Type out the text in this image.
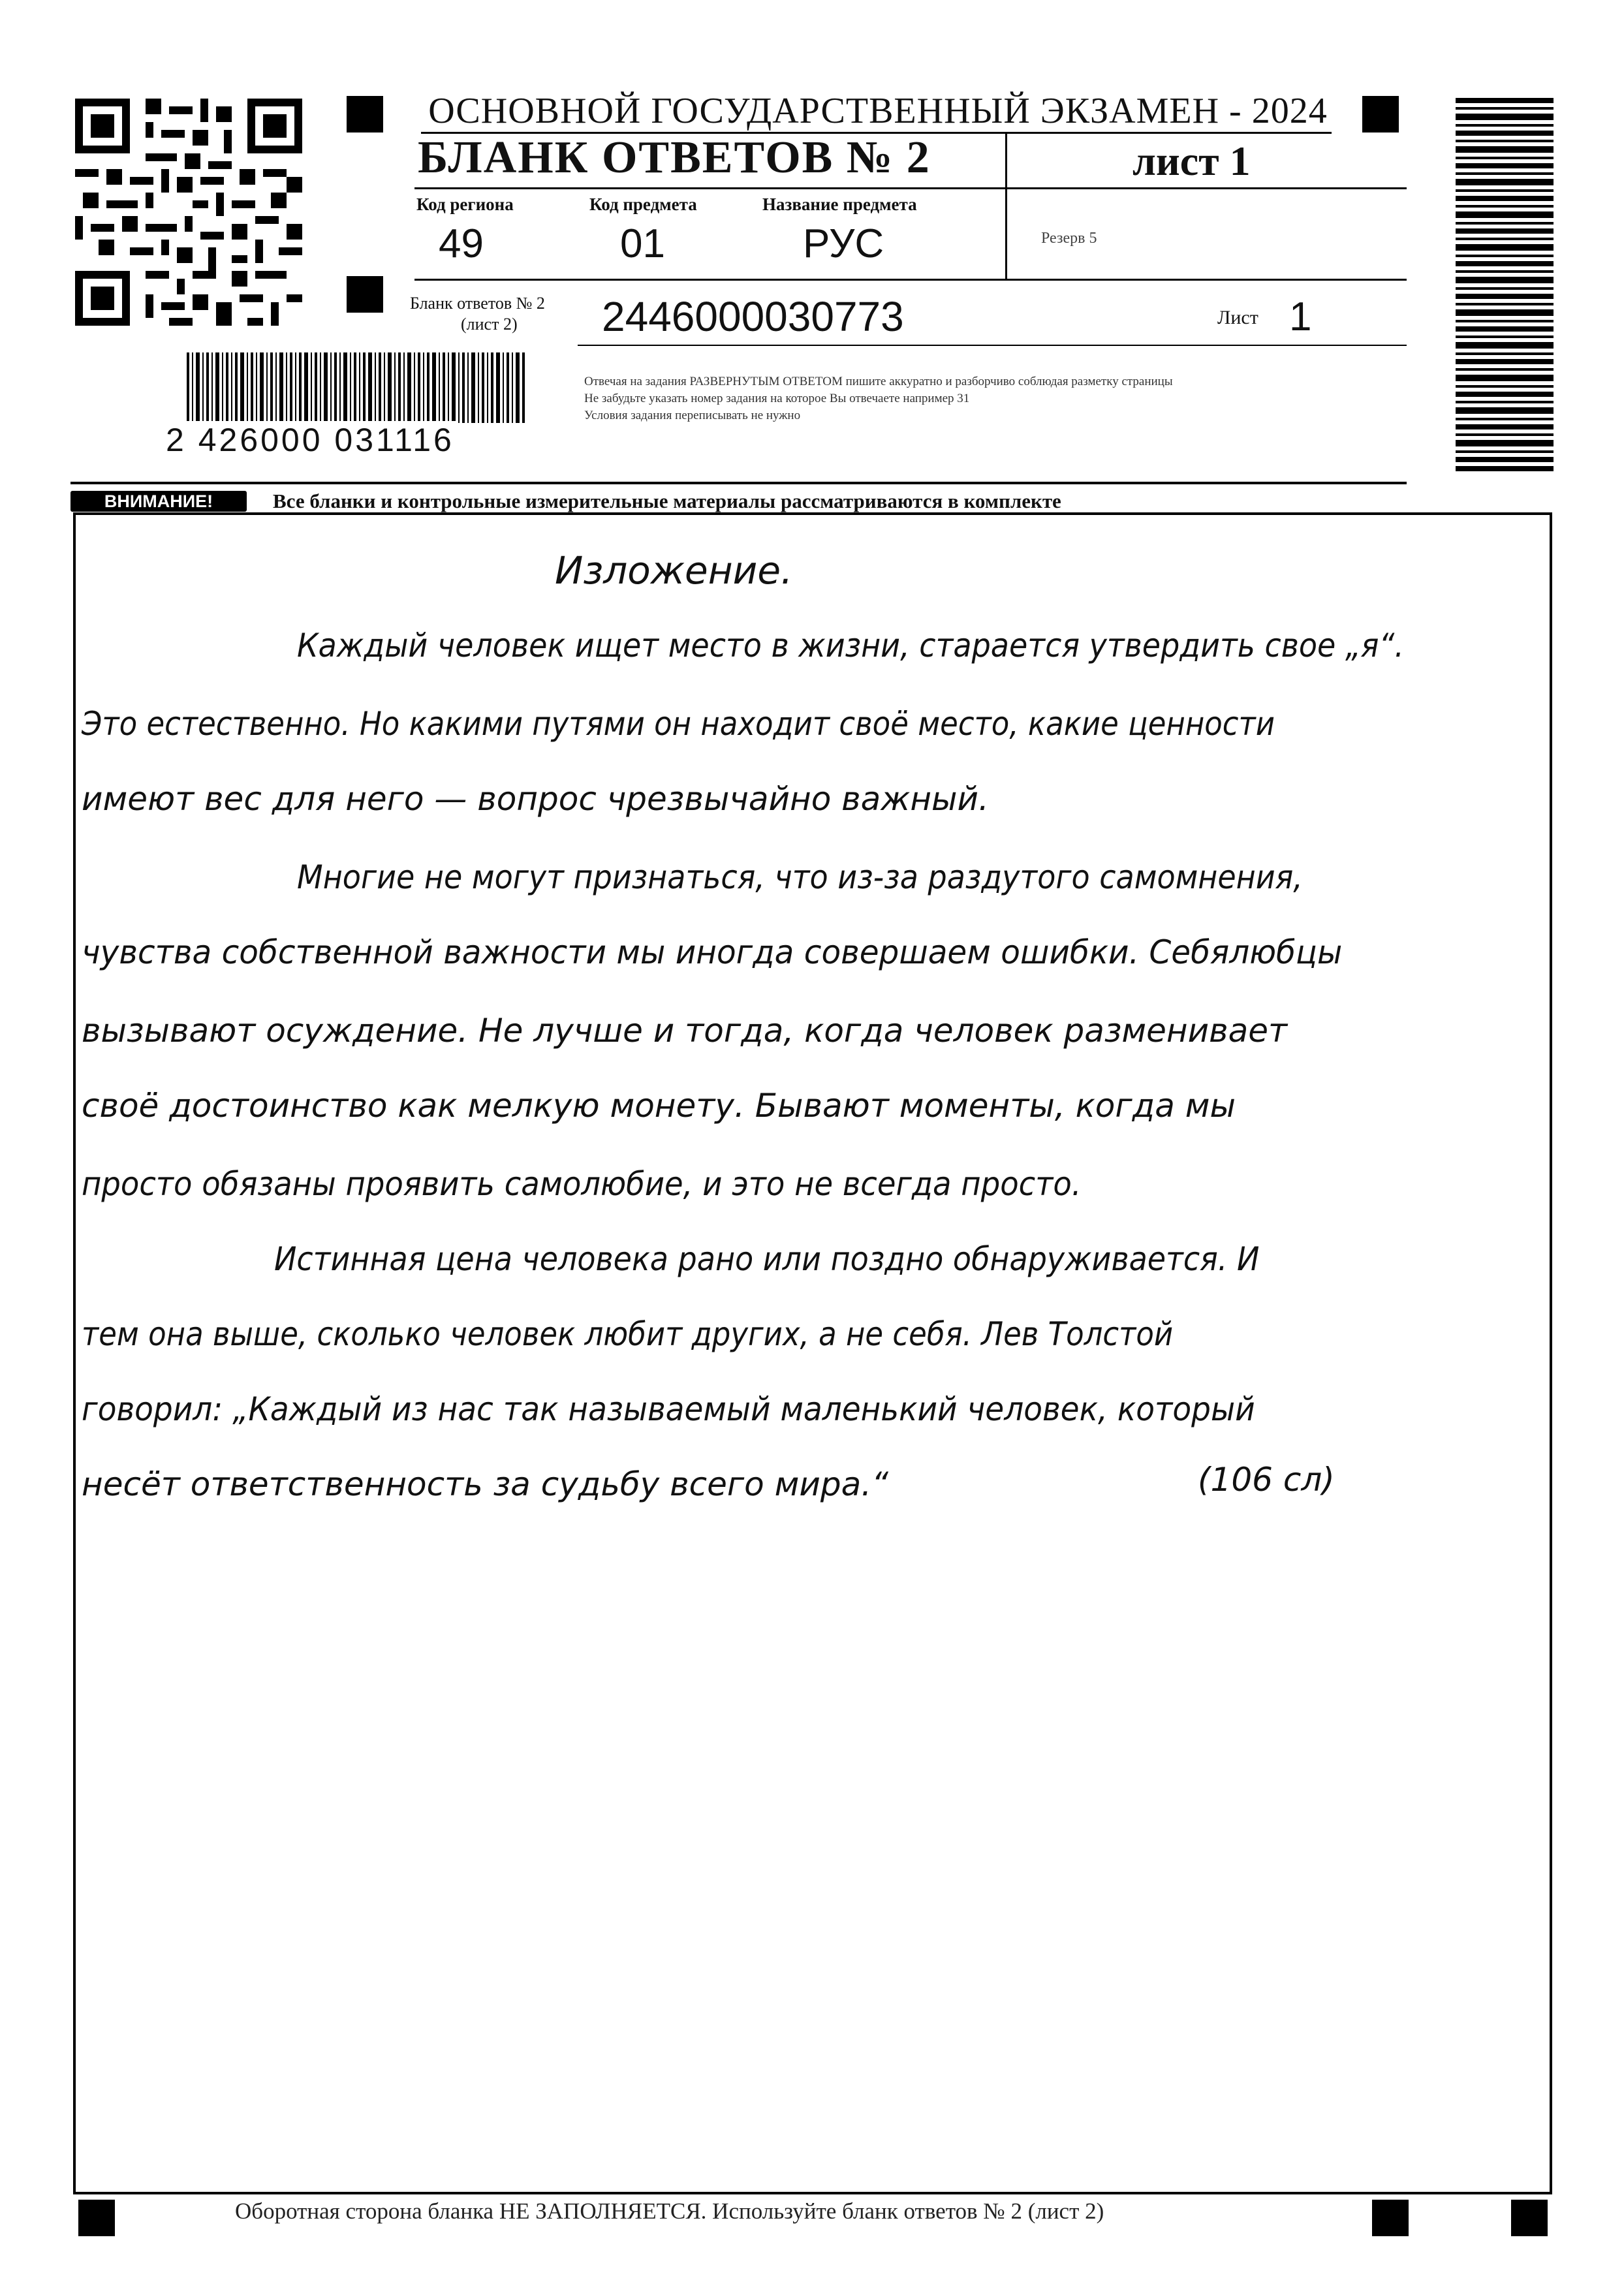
ОСНОВНОЙ ГОСУДАРСТВЕННЫЙ ЭКЗАМЕН - 2024
БЛАНК ОТВЕТОВ № 2	лист 1
Код региона
49
Код предмета
01
Название предмета
РУС	Резерв 5
Бланк ответов № 2
(лист 2) 2446000030773	Лист 1
Отвечая на задания РАЗВЕРНУТЫМ ОТВЕТОМ пишите аккуратно и разборчиво соблюдая разметку страницы
Не забудьте указать номер задания на которое Вы отвечаете например 31
Условия задания переписывать не нужно
2 426000 031116
ВНИМАНИЕ!	Все бланки и контрольные измерительные материалы рассматриваются в комплекте
Изложение.
Каждый человек ищет место в жизни, старается утвердить свое „я“.
Это естественно. Но какими путями он находит своё место, какие ценности
имеют вес для него — вопрос чрезвычайно важный.
Многие не могут признаться, что из-за раздутого самомнения,
чувства собственной важности мы иногда совершаем ошибки. Себялюбцы
вызывают осуждение. Не лучше и тогда, когда человек разменивает
своё достоинство как мелкую монету. Бывают моменты, когда мы
просто обязаны проявить самолюбие, и это не всегда просто.
Истинная цена человека рано или поздно обнаруживается. И
тем она выше, сколько человек любит других, а не себя. Лев Толстой
говорил: „Каждый из нас так называемый маленький человек, который
несёт ответственность за судьбу всего мира.“	(106 сл)
Оборотная сторона бланка НЕ ЗАПОЛНЯЕТСЯ. Используйте бланк ответов № 2 (лист 2)
